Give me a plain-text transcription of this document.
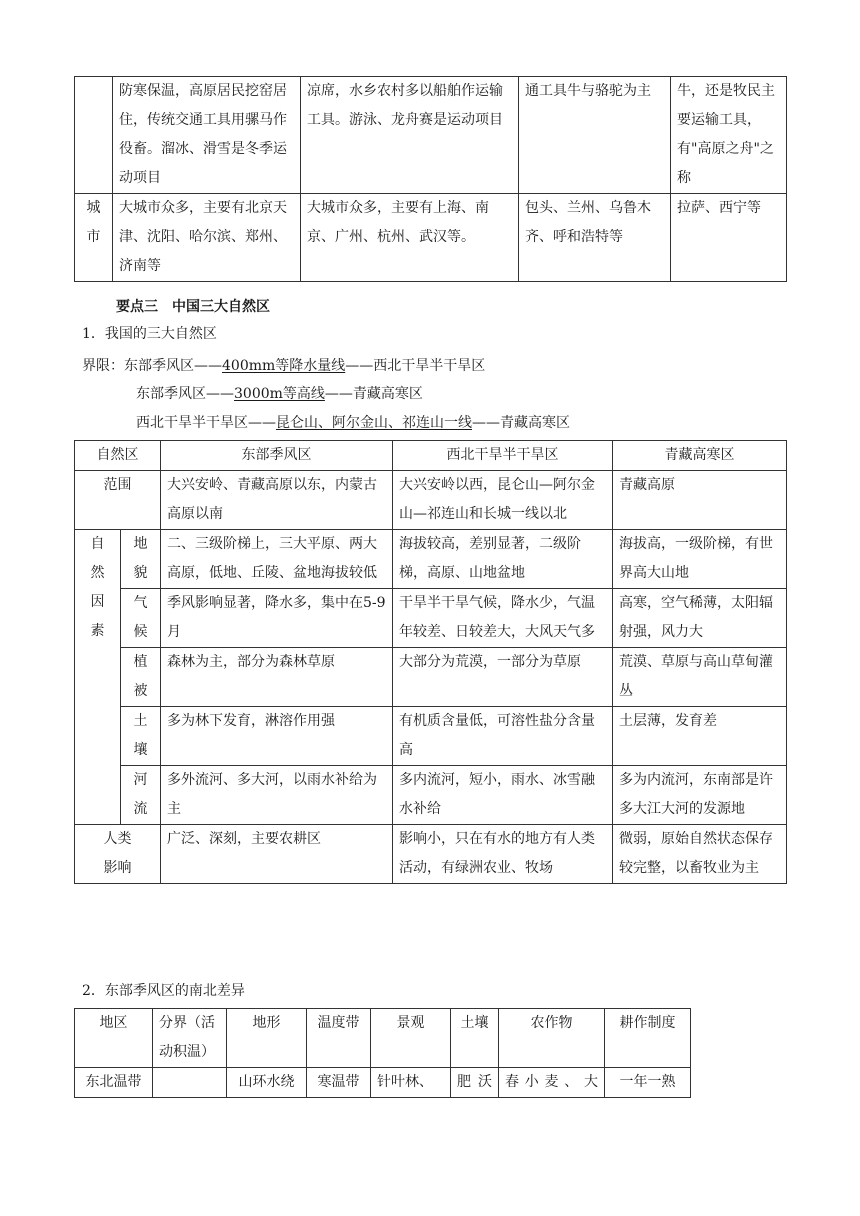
	防寒保温，高原居民挖窑居住，传统交通工具用骡马作役畜。溜冰、滑雪是冬季运动项目	凉席，水乡农村多以船舶作运输工具。游泳、龙舟赛是运动项目	通工具牛与骆驼为主	牛，还是牧民主要运输工具，有"高原之舟"之称
城市	大城市众多，主要有北京天津、沈阳、哈尔滨、郑州、济南等	大城市众多，主要有上海、南京、广州、杭州、武汉等。	包头、兰州、乌鲁木齐、呼和浩特等	拉萨、西宁等
要点三　中国三大自然区
1．我国的三大自然区
界限：东部季风区——400mm等降水量线——西北干旱半干旱区
东部季风区——3000m等高线——青藏高寒区
西北干旱半干旱区——昆仑山、阿尔金山、祁连山一线——青藏高寒区
自然区		东部季风区	西北干旱半干旱区	青藏高寒区
范围		大兴安岭、青藏高原以东，内蒙古高原以南	大兴安岭以西，昆仑山—阿尔金山—祁连山和长城一线以北	青藏高原
自然因素	地貌	二、三级阶梯上，三大平原、两大高原，低地、丘陵、盆地海拔较低	海拔较高，差别显著，二级阶梯，高原、山地盆地	海拔高，一级阶梯，有世界高大山地
	气候	季风影响显著，降水多，集中在5-9月	干旱半干旱气候，降水少，气温年较差、日较差大，大风天气多	高寒，空气稀薄，太阳辐射强，风力大
	植被	森林为主，部分为森林草原	大部分为荒漠，一部分为草原	荒漠、草原与高山草甸灌丛
	土壤	多为林下发育，淋溶作用强	有机质含量低，可溶性盐分含量高	土层薄，发育差
	河流	多外流河、多大河，以雨水补给为主	多内流河，短小，雨水、冰雪融水补给	多为内流河，东南部是许多大江大河的发源地
人类影响		广泛、深刻，主要农耕区	影响小，只在有水的地方有人类活动，有绿洲农业、牧场	微弱，原始自然状态保存较完整，以畜牧业为主
2．东部季风区的南北差异
地区	分界（活动积温）	地形	温度带	景观	土壤	农作物	耕作制度
东北温带		山环水绕	寒温带	针叶林、	肥沃	春小麦、大	一年一熟
